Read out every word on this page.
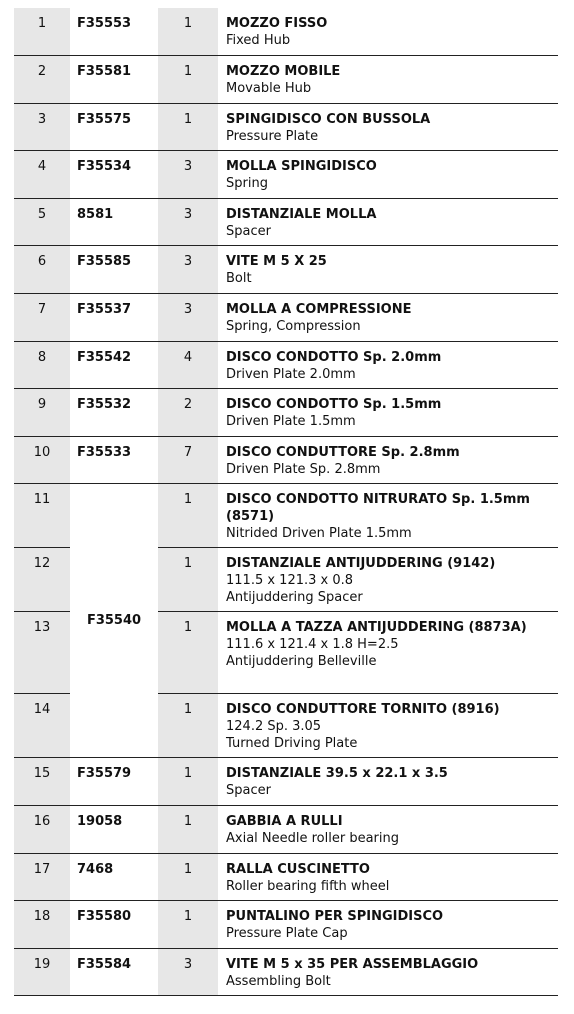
1	F35553	1	MOZZO FISSO
Fixed Hub

2	F35581	1	MOZZO MOBILE
Movable Hub

3	F35575	1	SPINGIDISCO CON BUSSOLA
Pressure Plate

4	F35534	3	MOLLA SPINGIDISCO
Spring

5	8581	3	DISTANZIALE MOLLA
Spacer

6	F35585	3	VITE M 5 X 25
Bolt

7	F35537	3	MOLLA A COMPRESSIONE
Spring, Compression

8	F35542	4	DISCO CONDOTTO Sp. 2.0mm
Driven Plate 2.0mm

9	F35532	2	DISCO CONDOTTO Sp. 1.5mm
Driven Plate 1.5mm

10	F35533	7	DISCO CONDUTTORE Sp. 2.8mm
Driven Plate Sp. 2.8mm

11	F35540	1	DISCO CONDOTTO NITRURATO Sp. 1.5mm (8571)
Nitrided Driven Plate 1.5mm

12		1	DISTANZIALE ANTIJUDDERING (9142)
111.5 x 121.3 x 0.8
Antijuddering Spacer

13		1	MOLLA A TAZZA ANTIJUDDERING (8873A)
111.6 x 121.4 x 1.8 H=2.5
Antijuddering Belleville

14		1	DISCO CONDUTTORE TORNITO (8916)
124.2 Sp. 3.05
Turned Driving Plate

15	F35579	1	DISTANZIALE 39.5 x 22.1 x 3.5
Spacer

16	19058	1	GABBIA A RULLI
Axial Needle roller bearing

17	7468	1	RALLA CUSCINETTO
Roller bearing fifth wheel

18	F35580	1	PUNTALINO PER SPINGIDISCO
Pressure Plate Cap

19	F35584	3	VITE M 5 x 35 PER ASSEMBLAGGIO
Assembling Bolt
